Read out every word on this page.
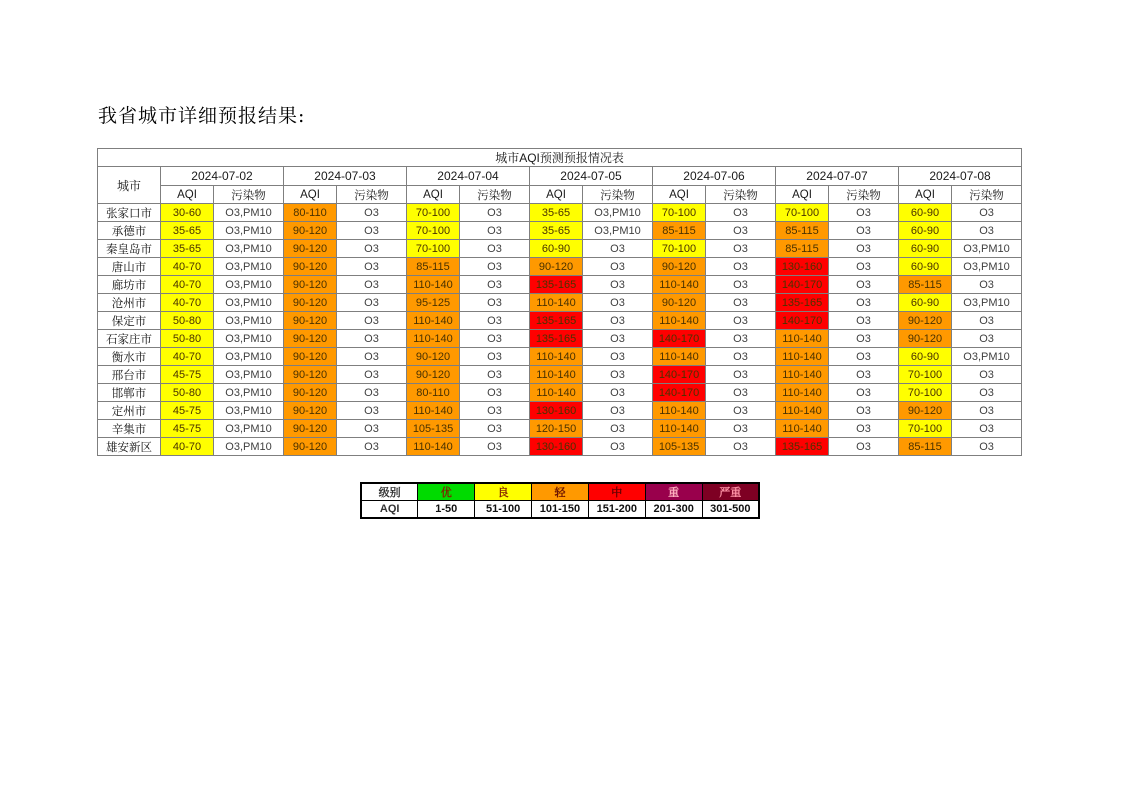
我省城市详细预报结果:
城市AQI预测预报情况表														
城市	2024-07-02		2024-07-03		2024-07-04		2024-07-05		2024-07-06		2024-07-07		2024-07-08	
	AQI	污染物	AQI	污染物	AQI	污染物	AQI	污染物	AQI	污染物	AQI	污染物	AQI	污染物
张家口市	30-60	O3,PM10	80-110	O3	70-100	O3	35-65	O3,PM10	70-100	O3	70-100	O3	60-90	O3
承德市	35-65	O3,PM10	90-120	O3	70-100	O3	35-65	O3,PM10	85-115	O3	85-115	O3	60-90	O3
秦皇岛市	35-65	O3,PM10	90-120	O3	70-100	O3	60-90	O3	70-100	O3	85-115	O3	60-90	O3,PM10
唐山市	40-70	O3,PM10	90-120	O3	85-115	O3	90-120	O3	90-120	O3	130-160	O3	60-90	O3,PM10
廊坊市	40-70	O3,PM10	90-120	O3	110-140	O3	135-165	O3	110-140	O3	140-170	O3	85-115	O3
沧州市	40-70	O3,PM10	90-120	O3	95-125	O3	110-140	O3	90-120	O3	135-165	O3	60-90	O3,PM10
保定市	50-80	O3,PM10	90-120	O3	110-140	O3	135-165	O3	110-140	O3	140-170	O3	90-120	O3
石家庄市	50-80	O3,PM10	90-120	O3	110-140	O3	135-165	O3	140-170	O3	110-140	O3	90-120	O3
衡水市	40-70	O3,PM10	90-120	O3	90-120	O3	110-140	O3	110-140	O3	110-140	O3	60-90	O3,PM10
邢台市	45-75	O3,PM10	90-120	O3	90-120	O3	110-140	O3	140-170	O3	110-140	O3	70-100	O3
邯郸市	50-80	O3,PM10	90-120	O3	80-110	O3	110-140	O3	140-170	O3	110-140	O3	70-100	O3
定州市	45-75	O3,PM10	90-120	O3	110-140	O3	130-160	O3	110-140	O3	110-140	O3	90-120	O3
辛集市	45-75	O3,PM10	90-120	O3	105-135	O3	120-150	O3	110-140	O3	110-140	O3	70-100	O3
雄安新区	40-70	O3,PM10	90-120	O3	110-140	O3	130-160	O3	105-135	O3	135-165	O3	85-115	O3
级别	优	良	轻	中	重	严重
AQI	1-50	51-100	101-150	151-200	201-300	301-500
